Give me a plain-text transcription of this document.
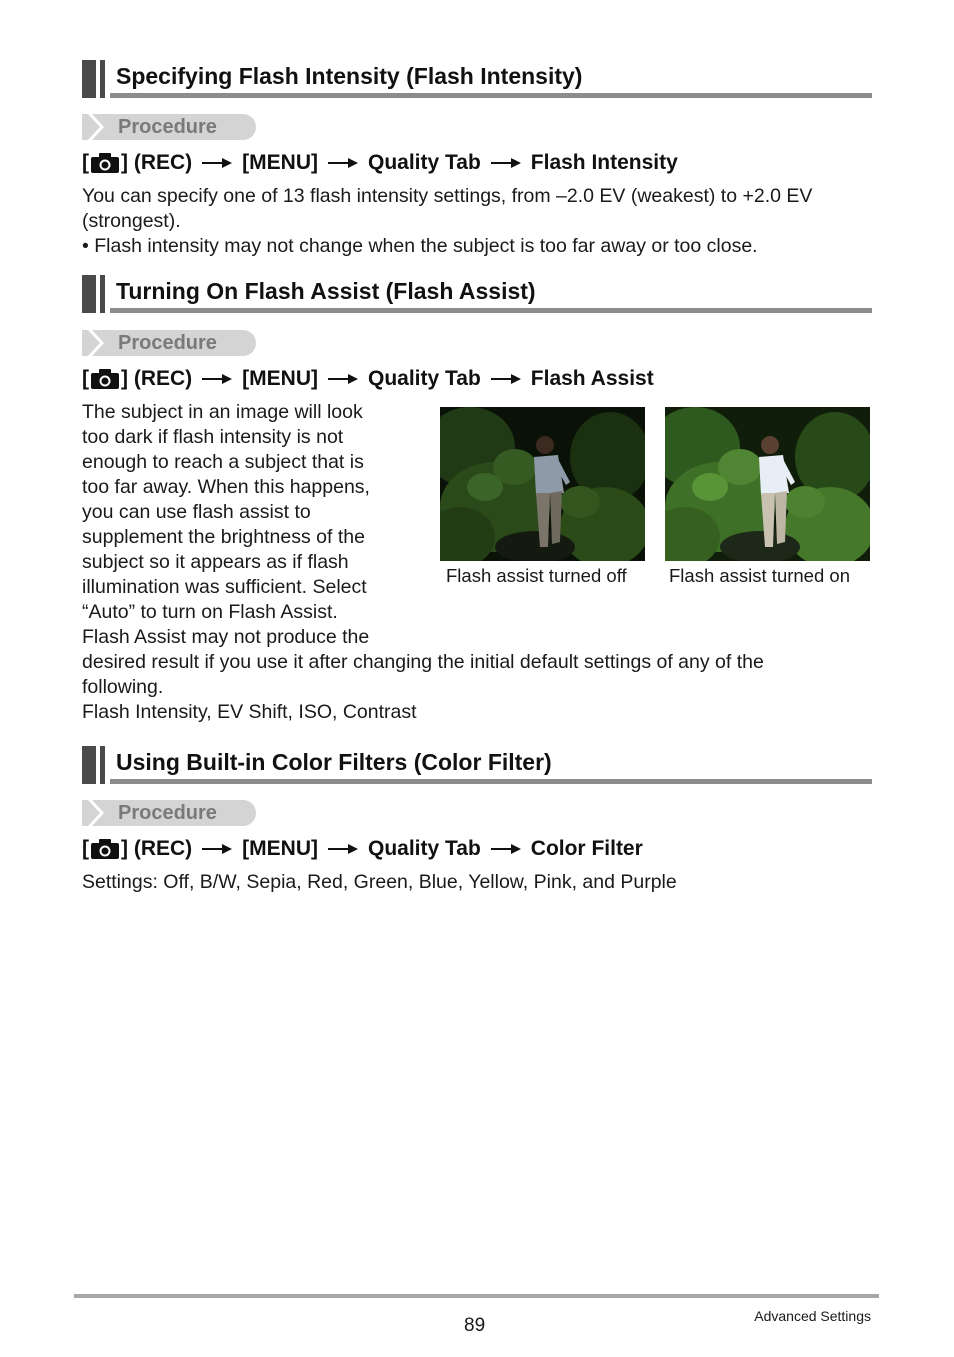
Specifying Flash Intensity (Flash Intensity)
Procedure
[ ] (REC) [MENU] Quality Tab Flash Intensity
You can specify one of 13 flash intensity settings, from –2.0 EV (weakest) to +2.0 EV
(strongest).
• Flash intensity may not change when the subject is too far away or too close.
Turning On Flash Assist (Flash Assist)
Procedure
[ ] (REC) [MENU] Quality Tab Flash Assist
The subject in an image will look
too dark if flash intensity is not
enough to reach a subject that is
too far away. When this happens,
you can use flash assist to
supplement the brightness of the
subject so it appears as if flash
illumination was sufficient. Select
“Auto” to turn on Flash Assist.
Flash Assist may not produce the
desired result if you use it after changing the initial default settings of any of the
following.
Flash Intensity, EV Shift, ISO, Contrast
Flash assist turned off Flash assist turned on
Using Built-in Color Filters (Color Filter)
Procedure
[ ] (REC) [MENU] Quality Tab Color Filter
Settings: Off, B/W, Sepia, Red, Green, Blue, Yellow, Pink, and Purple
89	Advanced Settings
